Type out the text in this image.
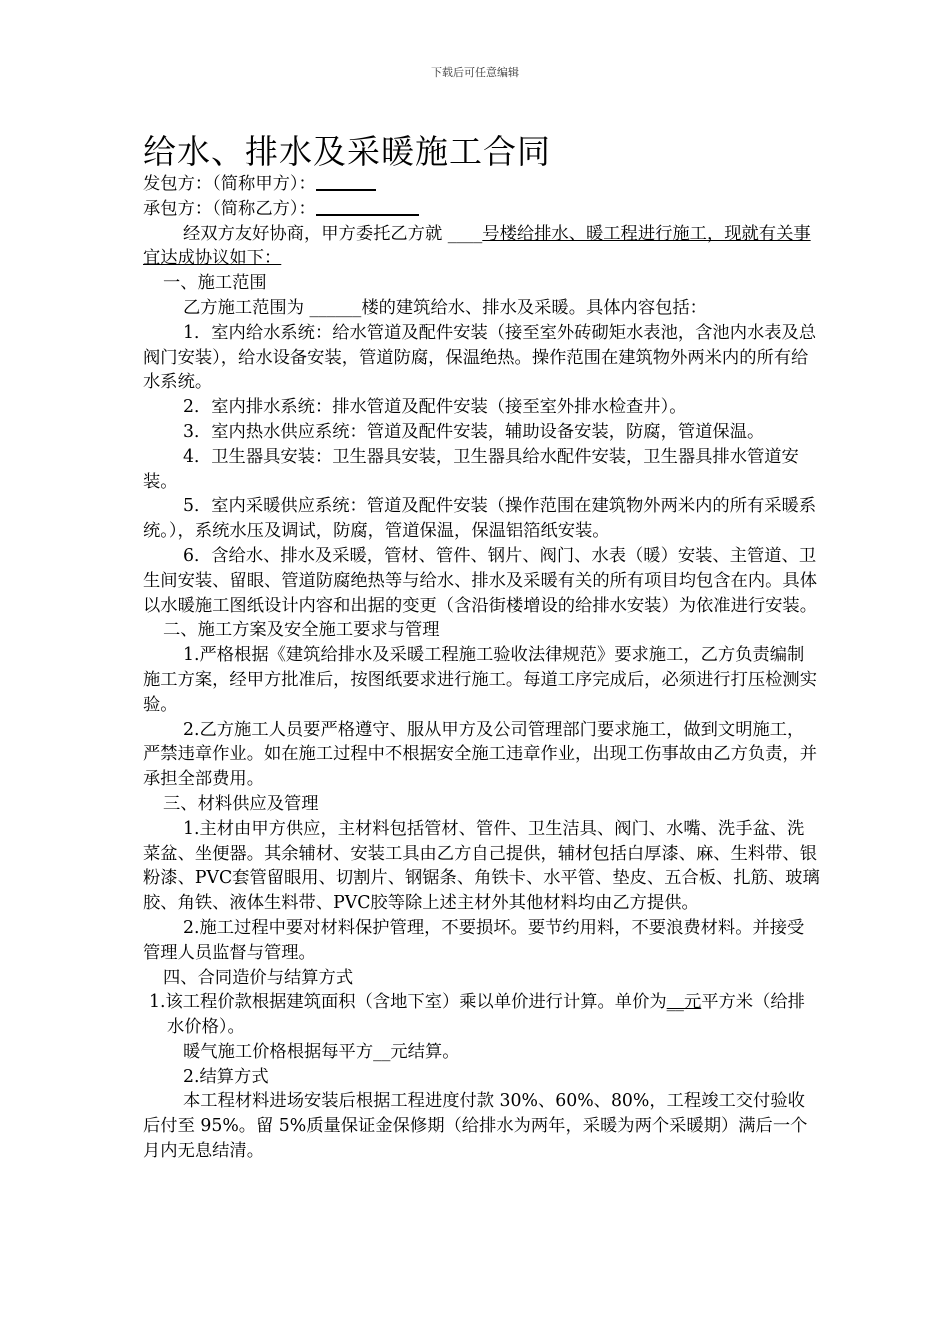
下载后可任意编辑
给水、排水及采暖施工合同

发包方：（简称甲方）：

承包方：（简称乙方）：

经双方友好协商，甲方委托乙方就 ____号楼给排水、暖工程进行施工，现就有关事宜达成协议如下：

一、施工范围

乙方施工范围为 ______楼的建筑给水、排水及采暖。具体内容包括：

1．室内给水系统：给水管道及配件安装（接至室外砖砌矩水表池，含池内水表及总阀门安装），给水设备安装，管道防腐，保温绝热。操作范围在建筑物外两米内的所有给水系统。

2．室内排水系统：排水管道及配件安装（接至室外排水检查井）。

3．室内热水供应系统：管道及配件安装，辅助设备安装，防腐，管道保温。

4．卫生器具安装：卫生器具安装，卫生器具给水配件安装，卫生器具排水管道安装。

5．室内采暖供应系统：管道及配件安装（操作范围在建筑物外两米内的所有采暖系统。），系统水压及调试，防腐，管道保温，保温铝箔纸安装。

6．含给水、排水及采暖，管材、管件、钢片、阀门、水表（暖）安装、主管道、卫生间安装、留眼、管道防腐绝热等与给水、排水及采暖有关的所有项目均包含在内。具体以水暖施工图纸设计内容和出据的变更（含沿街楼增设的给排水安装）为依准进行安装。

二、施工方案及安全施工要求与管理

1.严格根据《建筑给排水及采暖工程施工验收法律规范》要求施工，乙方负责编制施工方案，经甲方批准后，按图纸要求进行施工。每道工序完成后，必须进行打压检测实验。

2.乙方施工人员要严格遵守、服从甲方及公司管理部门要求施工，做到文明施工，严禁违章作业。如在施工过程中不根据安全施工违章作业，出现工伤事故由乙方负责，并承担全部费用。

三、材料供应及管理

1.主材由甲方供应，主材料包括管材、管件、卫生洁具、阀门、水嘴、洗手盆、洗菜盆、坐便器。其余辅材、安装工具由乙方自己提供，辅材包括白厚漆、麻、生料带、银粉漆、PVC套管留眼用、切割片、钢锯条、角铁卡、水平管、垫皮、五合板、扎筋、玻璃胶、角铁、液体生料带、PVC胶等除上述主材外其他材料均由乙方提供。

2.施工过程中要对材料保护管理，不要损坏。要节约用料，不要浪费材料。并接受管理人员监督与管理。

四、合同造价与结算方式

1.该工程价款根据建筑面积（含地下室）乘以单价进行计算。单价为__元平方米（给排水价格）。

暖气施工价格根据每平方__元结算。

2.结算方式

本工程材料进场安装后根据工程进度付款 30%、60%、80%，工程竣工交付验收后付至 95%。留 5%质量保证金保修期（给排水为两年，采暖为两个采暖期）满后一个月内无息结清。
